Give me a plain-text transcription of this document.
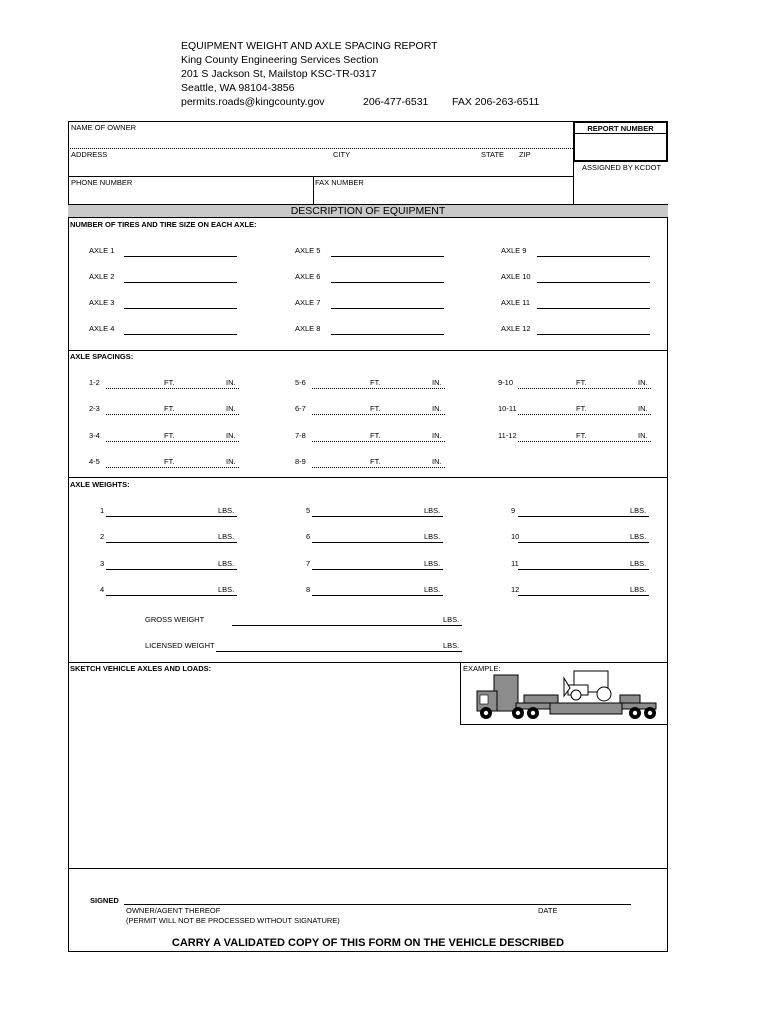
EQUIPMENT WEIGHT AND AXLE SPACING REPORT
King County Engineering Services Section
201 S Jackson St, Mailstop KSC-TR-0317
Seattle, WA 98104-3856
permits.roads@kingcounty.gov	206-477-6531 FAX 206-263-6511
NAME OF OWNER
ADDRESS	CITY	STATE ZIP
PHONE NUMBER	FAX NUMBER
REPORT NUMBER
ASSIGNED BY KCDOT
DESCRIPTION OF EQUIPMENT
NUMBER OF TIRES AND TIRE SIZE ON EACH AXLE:
AXLE 1	AXLE 5	AXLE 9
AXLE 2	AXLE 6	AXLE 10
AXLE 3	AXLE 7	AXLE 11
AXLE 4	AXLE 8	AXLE 12
AXLE SPACINGS:
1-2	FT.	IN.	5-6	FT.	IN.	9-10	FT.	IN.
2-3	FT.	IN.	6-7	FT.	IN.	10-11	FT.	IN.
3-4	FT.	IN.	7-8	FT.	IN.	11-12	FT.	IN.
4-5	FT.	IN.	8-9	FT.	IN.
AXLE WEIGHTS:
1	LBS.	5	LBS.	9	LBS.
2	LBS.	6	LBS.	10	LBS.
3	LBS.	7	LBS.	11	LBS.
4	LBS.	8	LBS.	12	LBS.
GROSS WEIGHT	LBS.
LICENSED WEIGHT	LBS.
SKETCH VEHICLE AXLES AND LOADS:	EXAMPLE:
SIGNED
OWNER/AGENT THEREOF	DATE
(PERMIT WILL NOT BE PROCESSED WITHOUT SIGNATURE)
CARRY A VALIDATED COPY OF THIS FORM ON THE VEHICLE DESCRIBED
